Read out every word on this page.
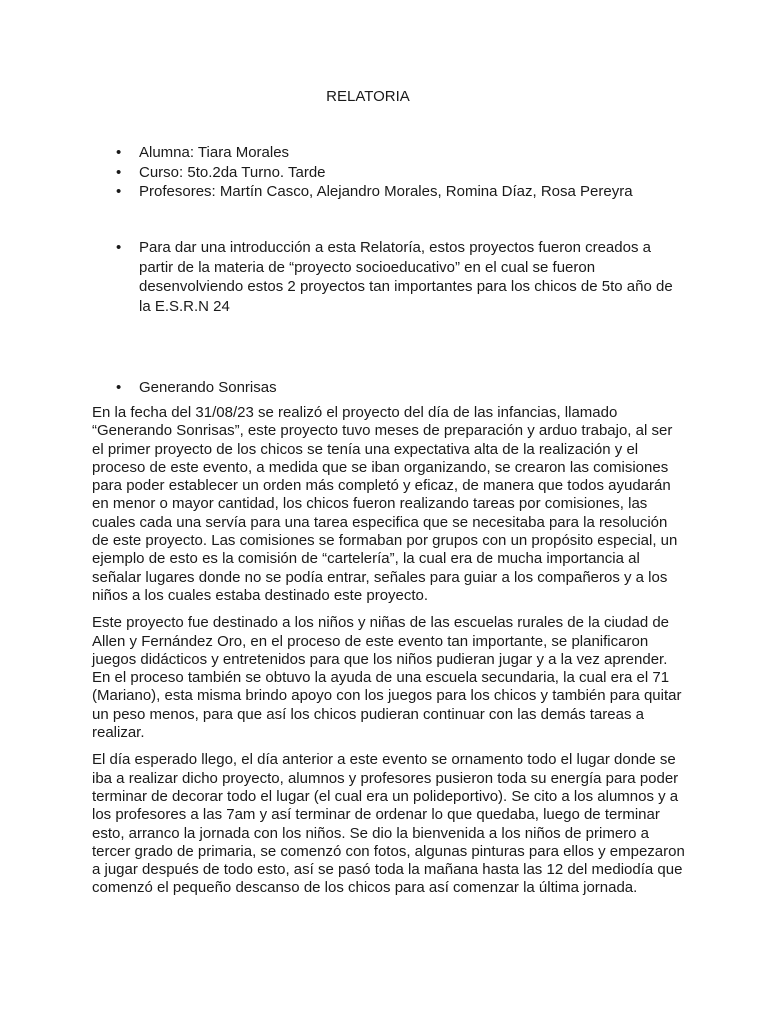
RELATORIA
• Alumna: Tiara Morales
• Curso: 5to.2da Turno. Tarde
• Profesores: Martín Casco, Alejandro Morales, Romina Díaz, Rosa Pereyra
• Para dar una introducción a esta Relatoría, estos proyectos fueron creados a partir de la materia de “proyecto socioeducativo” en el cual se fueron desenvolviendo estos 2 proyectos tan importantes para los chicos de 5to año de la E.S.R.N 24
• Generando Sonrisas

En la fecha del 31/08/23 se realizó el proyecto del día de las infancias, llamado “Generando Sonrisas”, este proyecto tuvo meses de preparación y arduo trabajo, al ser el primer proyecto de los chicos se tenía una expectativa alta de la realización y el proceso de este evento, a medida que se iban organizando, se crearon las comisiones para poder establecer un orden más completó y eficaz, de manera que todos ayudarán en menor o mayor cantidad, los chicos fueron realizando tareas por comisiones, las cuales cada una servía para una tarea especifica que se necesitaba para la resolución de este proyecto. Las comisiones se formaban por grupos con un propósito especial, un ejemplo de esto es la comisión de “cartelería”, la cual era de mucha importancia al señalar lugares donde no se podía entrar, señales para guiar a los compañeros y a los niños a los cuales estaba destinado este proyecto.

Este proyecto fue destinado a los niños y niñas de las escuelas rurales de la ciudad de Allen y Fernández Oro, en el proceso de este evento tan importante, se planificaron juegos didácticos y entretenidos para que los niños pudieran jugar y a la vez aprender. En el proceso también se obtuvo la ayuda de una escuela secundaria, la cual era el 71 (Mariano), esta misma brindo apoyo con los juegos para los chicos y también para quitar un peso menos, para que así los chicos pudieran continuar con las demás tareas a realizar.

El día esperado llego, el día anterior a este evento se ornamento todo el lugar donde se iba a realizar dicho proyecto, alumnos y profesores pusieron toda su energía para poder terminar de decorar todo el lugar (el cual era un polideportivo). Se cito a los alumnos y a los profesores a las 7am y así terminar de ordenar lo que quedaba, luego de terminar esto, arranco la jornada con los niños. Se dio la bienvenida a los niños de primero a tercer grado de primaria, se comenzó con fotos, algunas pinturas para ellos y empezaron a jugar después de todo esto, así se pasó toda la mañana hasta las 12 del mediodía que comenzó el pequeño descanso de los chicos para así comenzar la última jornada.
